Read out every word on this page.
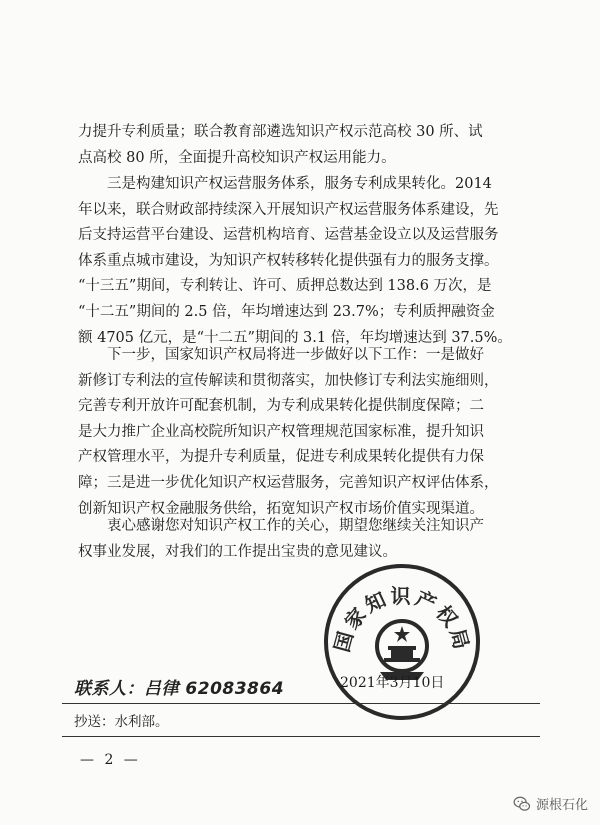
力提升专利质量；联合教育部遴选知识产权示范高校 30 所、试
点高校 80 所，全面提升高校知识产权运用能力。
　　三是构建知识产权运营服务体系，服务专利成果转化。2014
年以来，联合财政部持续深入开展知识产权运营服务体系建设，先
后支持运营平台建设、运营机构培育、运营基金设立以及运营服务
体系重点城市建设，为知识产权转移转化提供强有力的服务支撑。
“十三五”期间，专利转让、许可、质押总数达到 138.6 万次，是
“十二五”期间的 2.5 倍，年均增速达到 23.7%；专利质押融资金
额 4705 亿元，是“十二五”期间的 3.1 倍，年均增速达到 37.5%。
　　下一步，国家知识产权局将进一步做好以下工作：一是做好
新修订专利法的宣传解读和贯彻落实，加快修订专利法实施细则，
完善专利开放许可配套机制，为专利成果转化提供制度保障；二
是大力推广企业高校院所知识产权管理规范国家标准，提升知识
产权管理水平，为提升专利质量，促进专利成果转化提供有力保
障；三是进一步优化知识产权运营服务，完善知识产权评估体系，
创新知识产权金融服务供给，拓宽知识产权市场价值实现渠道。
　　衷心感谢您对知识产权工作的关心，期望您继续关注知识产
权事业发展，对我们的工作提出宝贵的意见建议。
国家知识产权局
联系人：吕律 62083864	2021年3月10日
抄送：水利部。
— 2 —
源根石化
